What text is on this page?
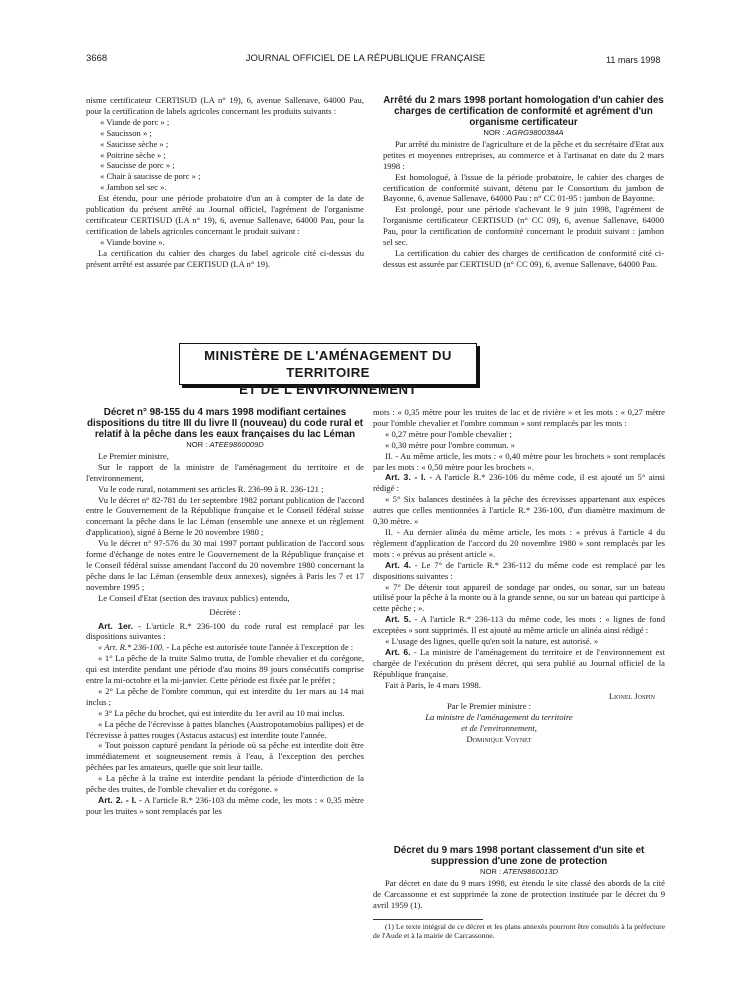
3668	JOURNAL OFFICIEL DE LA RÉPUBLIQUE FRANÇAISE	11 mars 1998

nisme certificateur CERTISUD (LA n° 19), 6, avenue Sallenave, 64000 Pau, pour la certification de labels agricoles concernant les produits suivants :

« Viande de porc » ;

« Saucisson » ;

« Saucisse sèche » ;

« Poitrine sèche » ;

« Saucisse de porc » ;

« Chair à saucisse de porc » ;

« Jambon sel sec ».

Est étendu, pour une période probatoire d'un an à compter de la date de publication du présent arrêté au Journal officiel, l'agrément de l'organisme certificateur CERTISUD (LA n° 19), 6, avenue Sallenave, 64000 Pau, pour la certification de labels agricoles concernant le produit suivant :

« Viande bovine ».

La certification du cahier des charges du label agricole cité ci-dessus du présent arrêté est assurée par CERTISUD (LA n° 19).

Arrêté du 2 mars 1998 portant homologation d'un cahier des charges de certification de conformité et agrément d'un organisme certificateur

NOR : AGRG9800384A

Par arrêté du ministre de l'agriculture et de la pêche et du secrétaire d'Etat aux petites et moyennes entreprises, au commerce et à l'artisanat en date du 2 mars 1998 :

Est homologué, à l'issue de la période probatoire, le cahier des charges de certification de conformité suivant, détenu par le Consortium du jambon de Bayonne, 6, avenue Sallenave, 64000 Pau : n° CC 01-95 : jambon de Bayonne.

Est prolongé, pour une période s'achevant le 9 juin 1998, l'agrément de l'organisme certificateur CERTISUD (n° CC 09), 6, avenue Sallenave, 64000 Pau, pour la certification de conformité concernant le produit suivant : jambon sel sec.

La certification du cahier des charges de certification de conformité cité ci-dessus est assurée par CERTISUD (n° CC 09), 6, avenue Sallenave, 64000 Pau.

MINISTÈRE DE L'AMÉNAGEMENT DU TERRITOIRE
ET DE L'ENVIRONNEMENT

Décret n° 98-155 du 4 mars 1998 modifiant certaines dispositions du titre III du livre II (nouveau) du code rural et relatif à la pêche dans les eaux françaises du lac Léman

NOR : ATEE9860009D

Le Premier ministre,

Sur le rapport de la ministre de l'aménagement du territoire et de l'environnement,

Vu le code rural, notamment ses articles R. 236-99 à R. 236-121 ;

Vu le décret n° 82-781 du 1er septembre 1982 portant publication de l'accord entre le Gouvernement de la République française et le Conseil fédéral suisse concernant la pêche dans le lac Léman (ensemble une annexe et un règlement d'application), signé à Berne le 20 novembre 1980 ;

Vu le décret n° 97-576 du 30 mai 1997 portant publication de l'accord sous forme d'échange de notes entre le Gouvernement de la République française et le Conseil fédéral suisse amendant l'accord du 20 novembre 1980 concernant la pêche dans le lac Léman (ensemble deux annexes), signées à Paris les 7 et 17 novembre 1995 ;

Le Conseil d'Etat (section des travaux publics) entendu,

Décrète :

Art. 1er. - L'article R.* 236-100 du code rural est remplacé par les dispositions suivantes :

« Art. R.* 236-100. - La pêche est autorisée toute l'année à l'exception de :

« 1° La pêche de la truite Salmo trutta, de l'omble chevalier et du corégone, qui est interdite pendant une période d'au moins 89 jours consécutifs comprise entre la mi-octobre et la mi-janvier. Cette période est fixée par le préfet ;

« 2° La pêche de l'ombre commun, qui est interdite du 1er mars au 14 mai inclus ;

« 3° La pêche du brochet, qui est interdite du 1er avril au 10 mai inclus.

« La pêche de l'écrevisse à pattes blanches (Austropotamobius pallipes) et de l'écrevisse à pattes rouges (Astacus astacus) est interdite toute l'année.

« Tout poisson capturé pendant la période où sa pêche est interdite doit être immédiatement et soigneusement remis à l'eau, à l'exception des perches pêchées par les amateurs, quelle que soit leur taille.

« La pêche à la traîne est interdite pendant la période d'interdiction de la pêche des truites, de l'omble chevalier et du corégone. »

Art. 2. - I. - A l'article R.* 236-103 du même code, les mots : « 0,35 mètre pour les truites » sont remplacés par les

mots : « 0,35 mètre pour les truites de lac et de rivière » et les mots : « 0,27 mètre pour l'omble chevalier et l'ombre commun » sont remplacés par les mots :

« 0,27 mètre pour l'omble chevalier ;

« 0,30 mètre pour l'ombre commun. »

II. - Au même article, les mots : « 0,40 mètre pour les brochets » sont remplacés par les mots : « 0,50 mètre pour les brochets ».

Art. 3. - I. - A l'article R.* 236-106 du même code, il est ajouté un 5° ainsi rédigé :

« 5° Six balances destinées à la pêche des écrevisses appartenant aux espèces autres que celles mentionnées à l'article R.* 236-100, d'un diamètre maximum de 0,30 mètre. »

II. - Au dernier alinéa du même article, les mots : « prévus à l'article 4 du règlement d'application de l'accord du 20 novembre 1980 » sont remplacés par les mots : « prévus au présent article ».

Art. 4. - Le 7° de l'article R.* 236-112 du même code est remplacé par les dispositions suivantes :

« 7° De détenir tout appareil de sondage par ondes, ou sonar, sur un bateau utilisé pour la pêche à la monte ou à la grande senne, ou sur un bateau qui participe à cette pêche ; ».

Art. 5. - A l'article R.* 236-113 du même code, les mots : « lignes de fond exceptées » sont supprimés. Il est ajouté au même article un alinéa ainsi rédigé :

« L'usage des lignes, quelle qu'en soit la nature, est autorisé. »

Art. 6. - La ministre de l'aménagement du territoire et de l'environnement est chargée de l'exécution du présent décret, qui sera publié au Journal officiel de la République française.

Fait à Paris, le 4 mars 1998.

Lionel Jospin

Par le Premier ministre :

La ministre de l'aménagement du territoire

et de l'environnement,

Dominique Voynet

Décret du 9 mars 1998 portant classement d'un site et suppression d'une zone de protection

NOR : ATEN9860013D

Par décret en date du 9 mars 1998, est étendu le site classé des abords de la cité de Carcassonne et est supprimée la zone de protection instituée par le décret du 9 avril 1959 (1).

(1) Le texte intégral de ce décret et les plans annexés pourront être consultés à la préfecture de l'Aude et à la mairie de Carcassonne.
